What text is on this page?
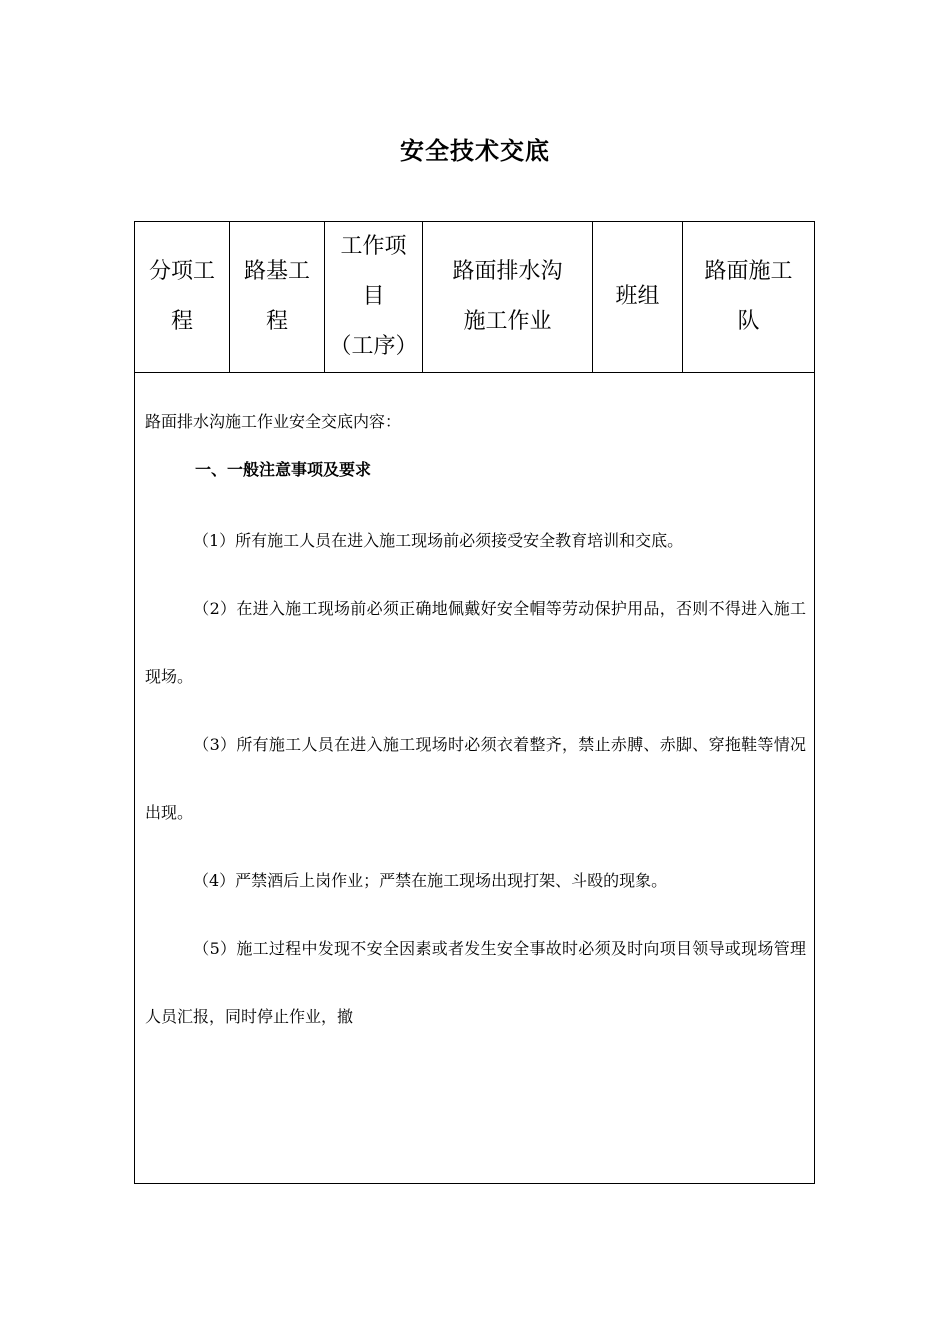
安全技术交底
分项工
程
路基工
程
工作项
目
（工序）
路面排水沟
施工作业
班组
路面施工
队

路面排水沟施工作业安全交底内容：

一、一般注意事项及要求

（1）所有施工人员在进入施工现场前必须接受安全教育培训和交底。

（2）在进入施工现场前必须正确地佩戴好安全帽等劳动保护用品，否则不得进入施工现场。

（3）所有施工人员在进入施工现场时必须衣着整齐，禁止赤膊、赤脚、穿拖鞋等情况出现。

（4）严禁酒后上岗作业；严禁在施工现场出现打架、斗殴的现象。

（5）施工过程中发现不安全因素或者发生安全事故时必须及时向项目领导或现场管理人员汇报，同时停止作业，撤
